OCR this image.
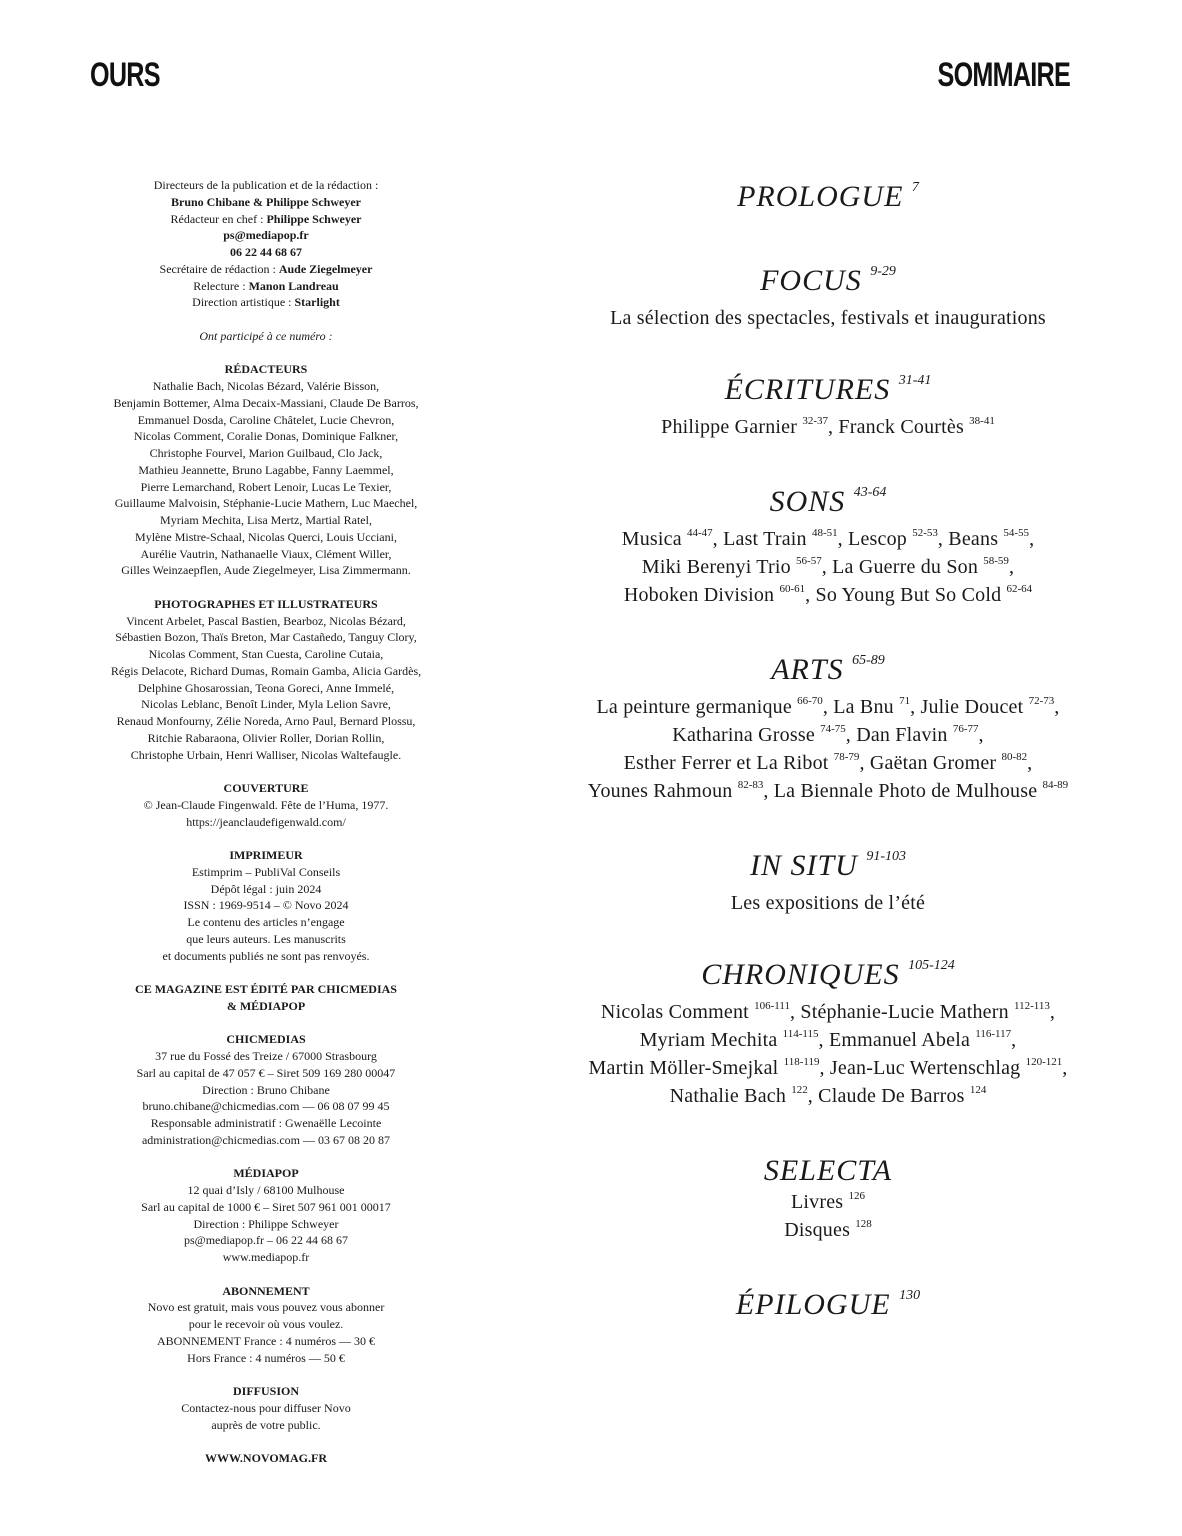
OURS	SOMMAIRE
Directeurs de la publication et de la rédaction :
Bruno Chibane & Philippe Schweyer
Rédacteur en chef : Philippe Schweyer
ps@mediapop.fr
06 22 44 68 67
Secrétaire de rédaction : Aude Ziegelmeyer
Relecture : Manon Landreau
Direction artistique : Starlight
Ont participé à ce numéro :
RÉDACTEURS
Nathalie Bach, Nicolas Bézard, Valérie Bisson,
Benjamin Bottemer, Alma Decaix-Massiani, Claude De Barros,
Emmanuel Dosda, Caroline Châtelet, Lucie Chevron,
Nicolas Comment, Coralie Donas, Dominique Falkner,
Christophe Fourvel, Marion Guilbaud, Clo Jack,
Mathieu Jeannette, Bruno Lagabbe, Fanny Laemmel,
Pierre Lemarchand, Robert Lenoir, Lucas Le Texier,
Guillaume Malvoisin, Stéphanie-Lucie Mathern, Luc Maechel,
Myriam Mechita, Lisa Mertz, Martial Ratel,
Mylène Mistre-Schaal, Nicolas Querci, Louis Ucciani,
Aurélie Vautrin, Nathanaelle Viaux, Clément Willer,
Gilles Weinzaepflen, Aude Ziegelmeyer, Lisa Zimmermann.
PHOTOGRAPHES ET ILLUSTRATEURS
Vincent Arbelet, Pascal Bastien, Bearboz, Nicolas Bézard,
Sébastien Bozon, Thaïs Breton, Mar Castañedo, Tanguy Clory,
Nicolas Comment, Stan Cuesta, Caroline Cutaia,
Régis Delacote, Richard Dumas, Romain Gamba, Alicia Gardès,
Delphine Ghosarossian, Teona Goreci, Anne Immelé,
Nicolas Leblanc, Benoît Linder, Myla Lelion Savre,
Renaud Monfourny, Zélie Noreda, Arno Paul, Bernard Plossu,
Ritchie Rabaraona, Olivier Roller, Dorian Rollin,
Christophe Urbain, Henri Walliser, Nicolas Waltefaugle.
COUVERTURE
© Jean-Claude Fingenwald. Fête de l’Huma, 1977.
https://jeanclaudefigenwald.com/
IMPRIMEUR
Estimprim – PubliVal Conseils
Dépôt légal : juin 2024
ISSN : 1969-9514 – © Novo 2024
Le contenu des articles n’engage
que leurs auteurs. Les manuscrits
et documents publiés ne sont pas renvoyés.
CE MAGAZINE EST ÉDITÉ PAR CHICMEDIAS
& MÉDIAPOP
CHICMEDIAS
37 rue du Fossé des Treize / 67000 Strasbourg
Sarl au capital de 47 057 € – Siret 509 169 280 00047
Direction : Bruno Chibane
bruno.chibane@chicmedias.com — 06 08 07 99 45
Responsable administratif : Gwenaëlle Lecointe
administration@chicmedias.com — 03 67 08 20 87
MÉDIAPOP
12 quai d’Isly / 68100 Mulhouse
Sarl au capital de 1000 € – Siret 507 961 001 00017
Direction : Philippe Schweyer
ps@mediapop.fr – 06 22 44 68 67
www.mediapop.fr
ABONNEMENT
Novo est gratuit, mais vous pouvez vous abonner
pour le recevoir où vous voulez.
ABONNEMENT France : 4 numéros — 30 €
Hors France : 4 numéros — 50 €
DIFFUSION
Contactez-nous pour diffuser Novo
auprès de votre public.
WWW.NOVOMAG.FR
PROLOGUE $^7$
FOCUS $^{9-29}$
La sélection des spectacles, festivals et inaugurations
ÉCRITURES $^{31-41}$
Philippe Garnier $^{32-37}$, Franck Courtès $^{38-41}$
SONS $^{43-64}$
Musica $^{44-47}$, Last Train $^{48-51}$, Lescop $^{52-53}$, Beans $^{54-55}$,
Miki Berenyi Trio $^{56-57}$, La Guerre du Son $^{58-59}$,
Hoboken Division $^{60-61}$, So Young But So Cold $^{62-64}$
ARTS $^{65-89}$
La peinture germanique $^{66-70}$, La Bnu $^{71}$, Julie Doucet $^{72-73}$,
Katharina Grosse $^{74-75}$, Dan Flavin $^{76-77}$,
Esther Ferrer et La Ribot $^{78-79}$, Gaëtan Gromer $^{80-82}$,
Younes Rahmoun $^{82-83}$, La Biennale Photo de Mulhouse $^{84-89}$
IN SITU $^{91-103}$
Les expositions de l’été
CHRONIQUES $^{105-124}$
Nicolas Comment $^{106-111}$, Stéphanie-Lucie Mathern $^{112-113}$,
Myriam Mechita $^{114-115}$, Emmanuel Abela $^{116-117}$,
Martin Möller-Smejkal $^{118-119}$, Jean-Luc Wertenschlag $^{120-121}$,
Nathalie Bach $^{122}$, Claude De Barros $^{124}$
SELECTA
Livres $^{126}$
Disques $^{128}$
ÉPILOGUE $^{130}$
